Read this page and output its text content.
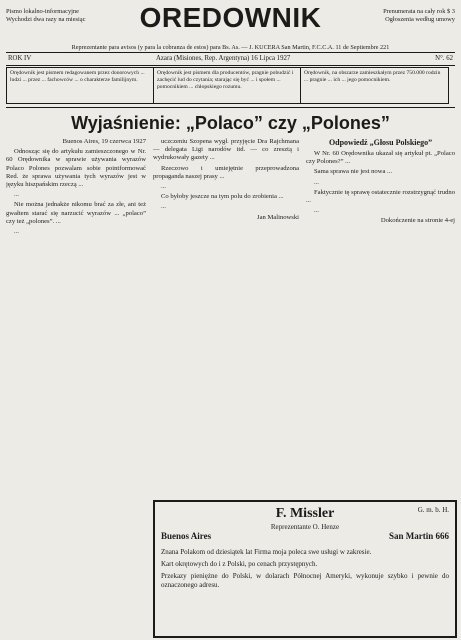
Pismo lokalno-informacyjne
Wychodzi dwa razy na miesiąc	OREDOWNIK	Prenumerata na cały rok $ 3
Ogłoszenia według umowy
Reprezentante para avisos (y para la cobranza de estos) para Bs. As. — J. KUCERA San Martin, F.C.C.A. 11 de Septiembre 221
ROK IV	Azara (Misiones, Rep. Argentyna) 16 Lipca 1927	N°. 62
Orędownik jest pismem redagowanem przez donorowych ... ludzi ... przez ... fachowców ... o charakterze familijnym.
Orędownik jest pismem dla producentów, pragnie pobudzić i zachęcić lud do czytania; starając się być ... i społem ... pomocnikiem ... chłopskiego rozumu.
Orędownik, na obszarze zamieszkałym przez 750.000 rodzin ... pragnie ... ich ... jego pomocnikiem.
Wyjaśnienie: „Polaco” czy „Polones”

Buenos Aires, 19 czerwca 1927

Odnosząc się do artykułu zamieszczonego w Nr. 60 Orędownika w sprawie używania wyrazów Polaco Polones pozwalam sobie pointformować Red. że sprawa używania tych wyrazów jest w języku hiszpańskim rzeczą ...

...

Nie można jednakże nikomu brać za złe, ani też gwałtem starać się narzucić wyrazów ... „polaco” czy też „polones”. ...

...

uczczeniu Szopena wygł. przyjęcie Dra Rajchmana — delegata Ligi narodów itd. — co zresztą i wydrukowały gazety ...

Rzeczowo i umiejętnie przeprowadzona propaganda naszej prasy ...

...

Co byłoby jeszcze na tym polu do zrobienia ...

...

Jan Malinowski

Odpowiedź „Głosu Polskiego”

W Nr. 60 Orędownika ukazał się artykuł pt. „Polaco czy Polones?” ...

Sama sprawa nie jest nowa ...

...

Faktycznie tę sprawę ostatecznie rozstrzygnąć trudno ...

...

Dokończenie na stronie 4-ej

F. Missler	G. m. b. H.
Reprezentante O. Henze
Buenos Aires	San Martin 666

Znana Polakom od dziesiątek lat Firma moja poleca swe usługi w zakresie.

Kart okrętowych do i z Polski, po cenach przystępnych.

Przekazy pieniężne do Polski, w dolarach Północnej Ameryki, wykonuje szybko i pewnie do oznaczonego adresu.
